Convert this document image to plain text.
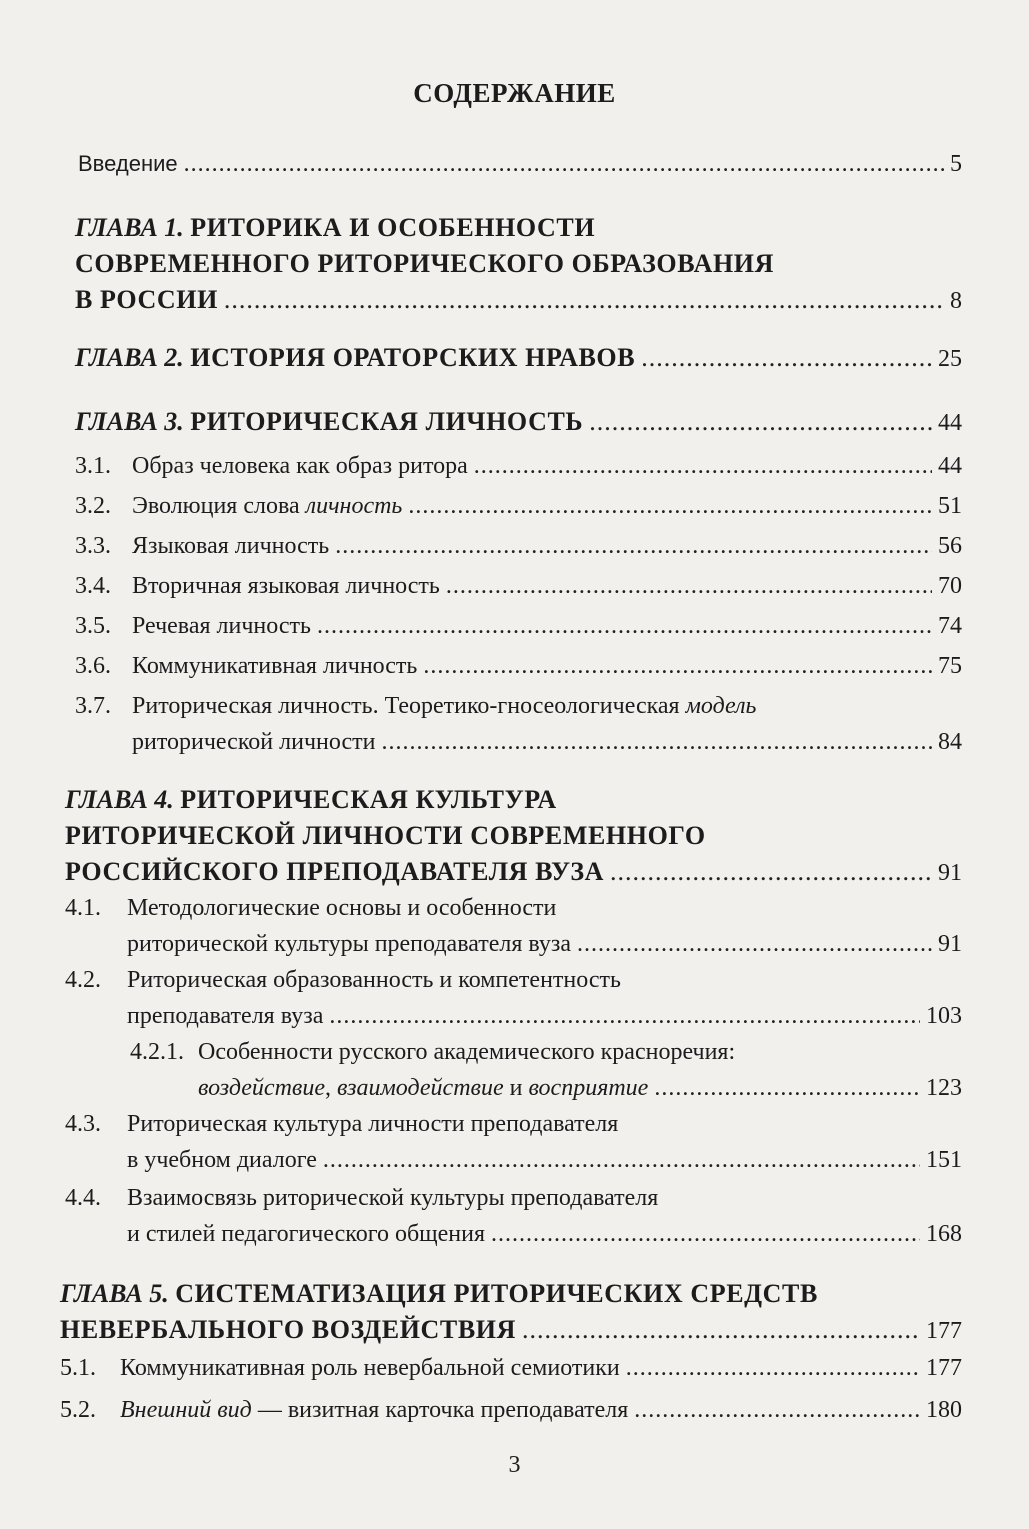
СОДЕРЖАНИЕ
Введение .....	5
ГЛАВА 1.
РИТОРИКА И ОСОБЕННОСТИ
СОВРЕМЕННОГО РИТОРИЧЕСКОГО ОБРАЗОВАНИЯ
В РОССИИ .....	8
ГЛАВА 2.
ИСТОРИЯ ОРАТОРСКИХ НРАВОВ .....	25
ГЛАВА 3.
РИТОРИЧЕСКАЯ ЛИЧНОСТЬ .....	44
3.1. Образ человека как образ ритора .....	44
3.2. Эволюция слова личность .....	51
3.3. Языковая личность .....	56
3.4. Вторичная языковая личность .....	70
3.5. Речевая личность .....	74
3.6. Коммуникативная личность .....	75
3.7. Риторическая личность. Теоретико-гносеологическая модель
риторической личности .....	84
ГЛАВА 4.
РИТОРИЧЕСКАЯ КУЛЬТУРА
РИТОРИЧЕСКОЙ ЛИЧНОСТИ СОВРЕМЕННОГО
РОССИЙСКОГО ПРЕПОДАВАТЕЛЯ ВУЗА .....	91
4.1.	Методологические основы и особенности
риторической культуры преподавателя вуза .....	91
4.2.	Риторическая образованность и компетентность
преподавателя вуза .....	103
4.2.1. Особенности русского академического красноречия:
воздействие , взаимодействие и восприятие .....	123
4.3.	Риторическая культура личности преподавателя
в учебном диалоге .....	151
4.4.	Взаимосвязь риторической культуры преподавателя
и стилей педагогического общения .....	168
ГЛАВА 5.
СИСТЕМАТИЗАЦИЯ РИТОРИЧЕСКИХ СРЕДСТВ
НЕВЕРБАЛЬНОГО ВОЗДЕЙСТВИЯ .....	177
5.1.	Коммуникативная роль невербальной семиотики .....	177
5.2.	Внешний вид — визитная карточка преподавателя .....	180
3
